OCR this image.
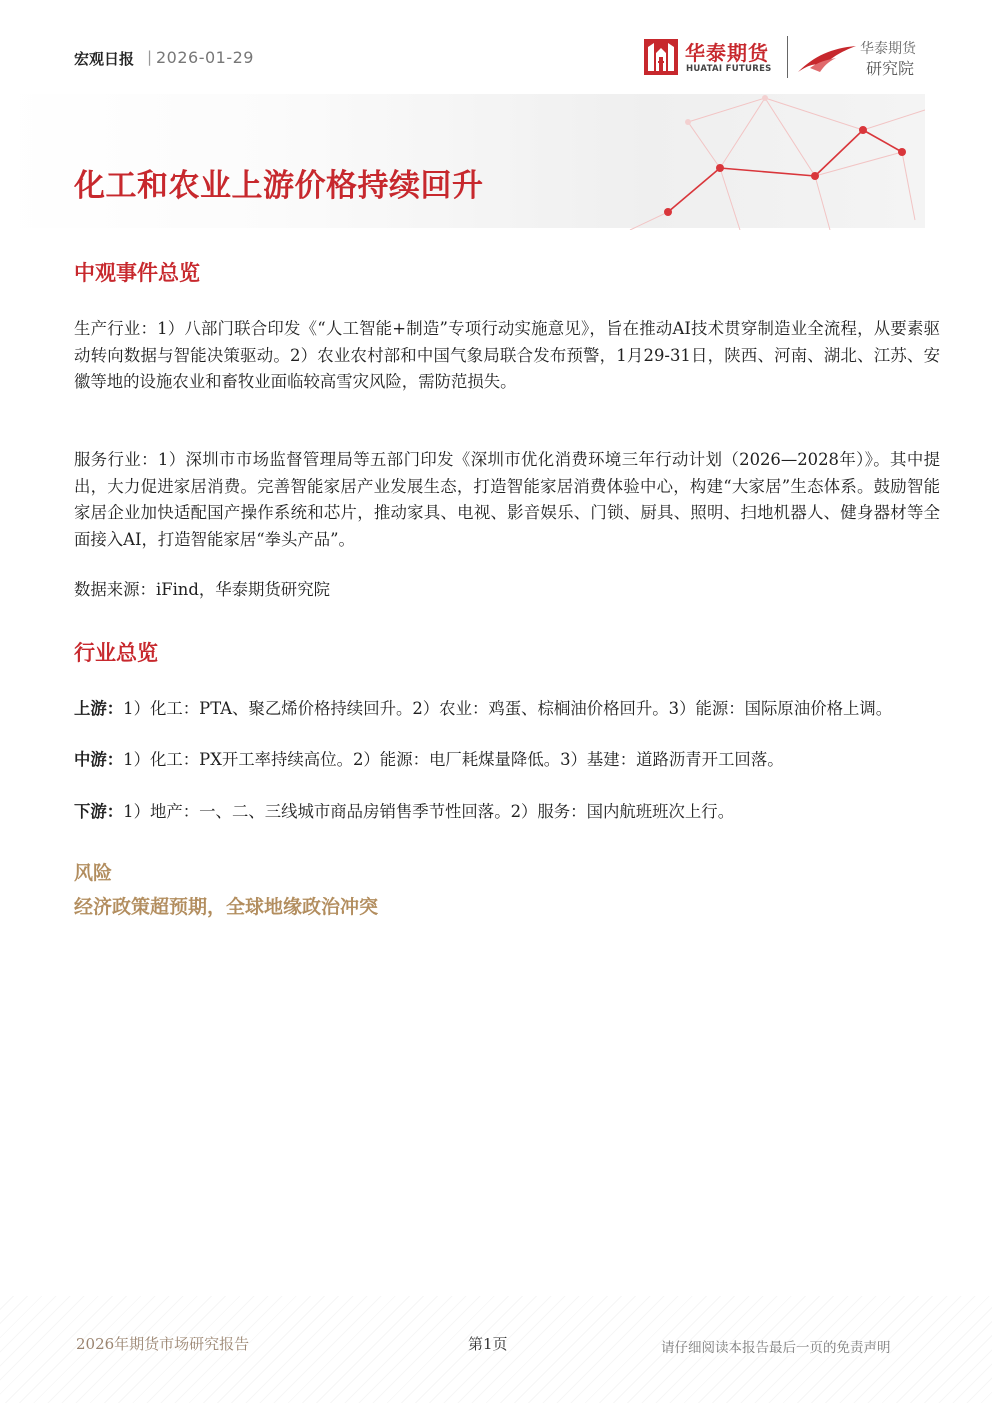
宏观日报 | 2026-01-29	华泰期货
HUATAI FUTURES
华泰期货
研究院
化工和农业上游价格持续回升
中观事件总览
生产行业：1）八部门联合印发《“人工智能+制造”专项行动实施意见》，旨在推动AI技术贯穿制造业全流程，从要素驱动转向数据与智能决策驱动。2）农业农村部和中国气象局联合发布预警，1月29-31日，陕西、河南、湖北、江苏、安徽等地的设施农业和畜牧业面临较高雪灾风险，需防范损失。
服务行业：1）深圳市市场监督管理局等五部门印发《深圳市优化消费环境三年行动计划（2026—2028年）》。其中提出，大力促进家居消费。完善智能家居产业发展生态，打造智能家居消费体验中心，构建“大家居”生态体系。鼓励智能家居企业加快适配国产操作系统和芯片，推动家具、电视、影音娱乐、门锁、厨具、照明、扫地机器人、健身器材等全面接入AI，打造智能家居“拳头产品”。
数据来源：iFind，华泰期货研究院
行业总览
上游：1）化工：PTA、聚乙烯价格持续回升。2）农业：鸡蛋、棕榈油价格回升。3）能源：国际原油价格上调。
中游：1）化工：PX开工率持续高位。2）能源：电厂耗煤量降低。3）基建：道路沥青开工回落。
下游：1）地产：一、二、三线城市商品房销售季节性回落。2）服务：国内航班班次上行。
风险
经济政策超预期，全球地缘政治冲突
2026年期货市场研究报告	第1页	请仔细阅读本报告最后一页的免责声明
